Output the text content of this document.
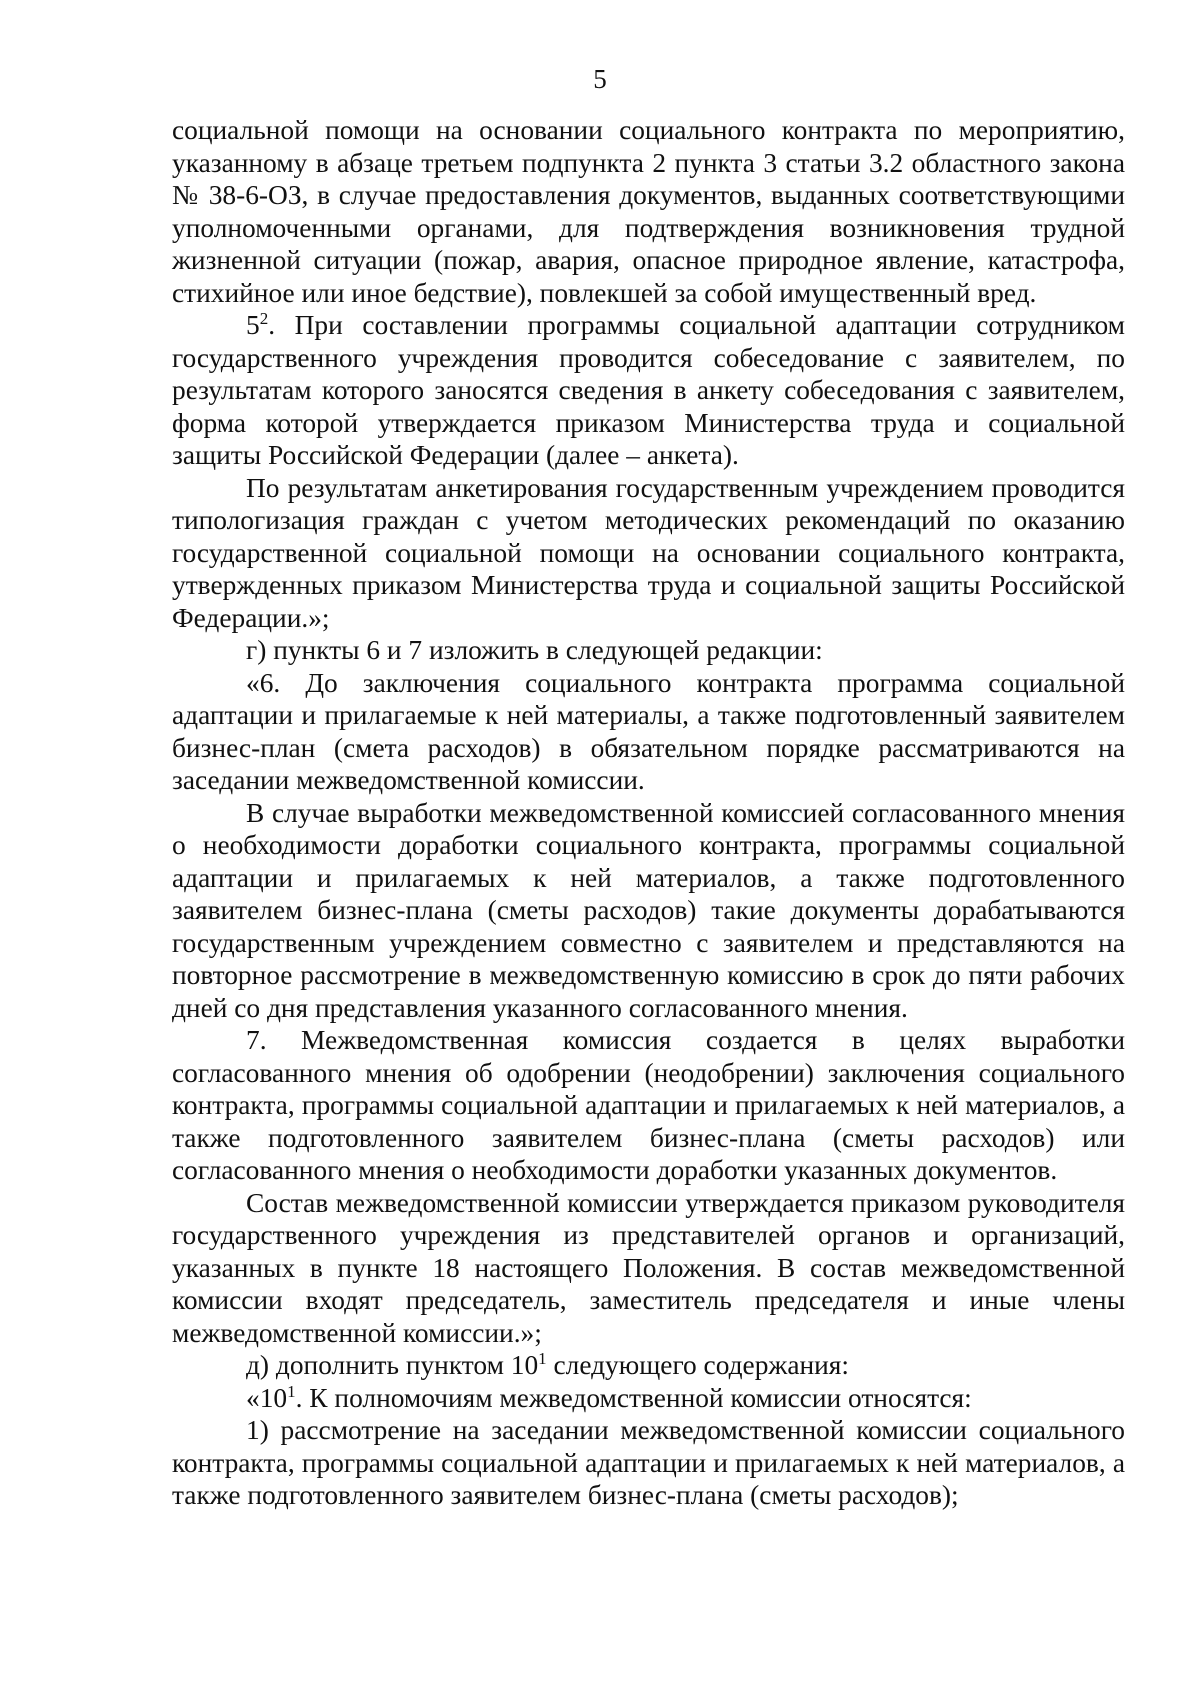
5

социальной помощи на основании социального контракта по мероприятию, указанному в абзаце третьем подпункта 2 пункта 3 статьи 3.2 областного закона № 38-6-ОЗ, в случае предоставления документов, выданных соответствующими уполномоченными органами, для подтверждения возникновения трудной жизненной ситуации (пожар, авария, опасное природное явление, катастрофа, стихийное или иное бедствие), повлекшей за собой имущественный вред.

$5^2$. При составлении программы социальной адаптации сотрудником государственного учреждения проводится собеседование с заявителем, по результатам которого заносятся сведения в анкету собеседования с заявителем, форма которой утверждается приказом Министерства труда и социальной защиты Российской Федерации (далее – анкета).

По результатам анкетирования государственным учреждением проводится типологизация граждан с учетом методических рекомендаций по оказанию государственной социальной помощи на основании социального контракта, утвержденных приказом Министерства труда и социальной защиты Российской Федерации.»;

г) пункты 6 и 7 изложить в следующей редакции:

«6. До заключения социального контракта программа социальной адаптации и прилагаемые к ней материалы, а также подготовленный заявителем бизнес-план (смета расходов) в обязательном порядке рассматриваются на заседании межведомственной комиссии.

В случае выработки межведомственной комиссией согласованного мнения о необходимости доработки социального контракта, программы социальной адаптации и прилагаемых к ней материалов, а также подготовленного заявителем бизнес-плана (сметы расходов) такие документы дорабатываются государственным учреждением совместно с заявителем и представляются на повторное рассмотрение в межведомственную комиссию в срок до пяти рабочих дней со дня представления указанного согласованного мнения.

7. Межведомственная комиссия создается в целях выработки согласованного мнения об одобрении (неодобрении) заключения социального контракта, программы социальной адаптации и прилагаемых к ней материалов, а также подготовленного заявителем бизнес-плана (сметы расходов) или согласованного мнения о необходимости доработки указанных документов.

Состав межведомственной комиссии утверждается приказом руководителя государственного учреждения из представителей органов и организаций, указанных в пункте 18 настоящего Положения. В состав межведомственной комиссии входят председатель, заместитель председателя и иные члены межведомственной комиссии.»;

д) дополнить пунктом $10^1$ следующего содержания:

«$10^1$. К полномочиям межведомственной комиссии относятся:

1) рассмотрение на заседании межведомственной комиссии социального контракта, программы социальной адаптации и прилагаемых к ней материалов, а также подготовленного заявителем бизнес-плана (сметы расходов);
